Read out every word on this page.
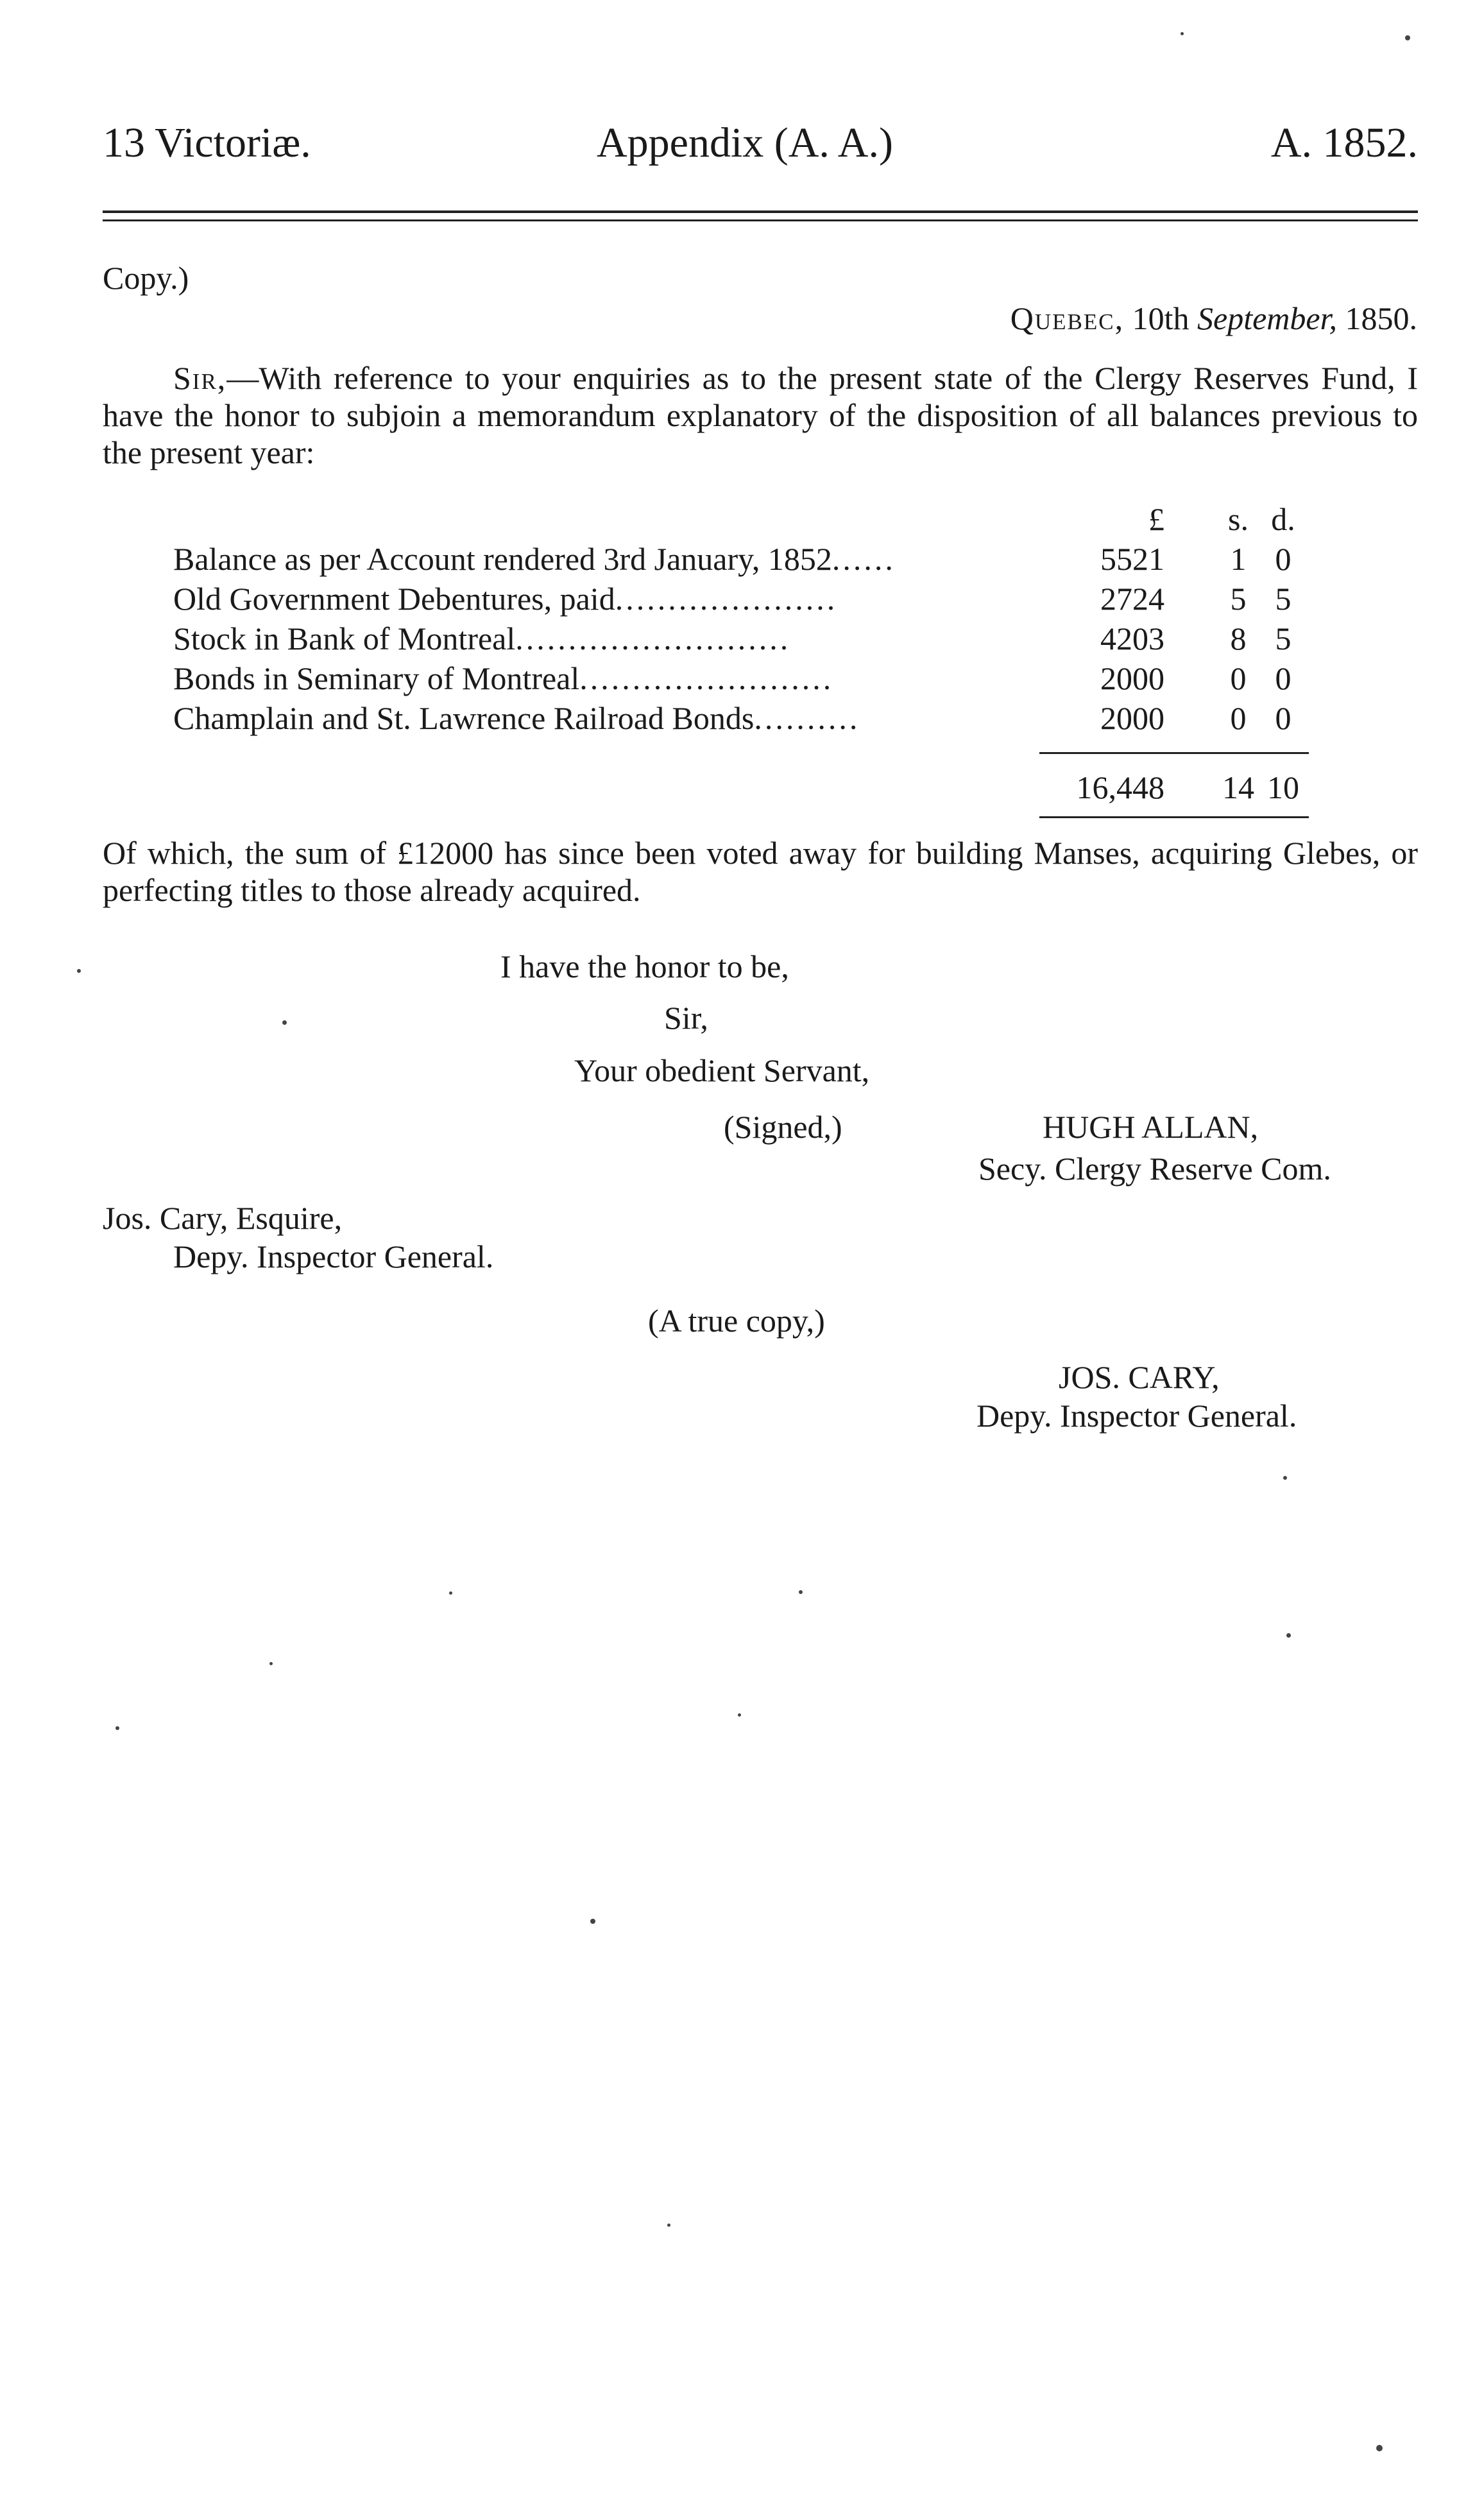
13 Victoriæ.	Appendix (A. A.)	A. 1852.
Copy.)
Quebec, 10th September, 1850.
Sir,—With reference to your enquiries as to the present state of the Clergy Reserves Fund, I have the honor to subjoin a memorandum explanatory of the disposition of all balances previous to the present year:
£ s. d.
Balance as per Account rendered 3rd January, 1852......	5521	1 0
Old Government Debentures, paid.....................	2724	5 5
Stock in Bank of Montreal..........................	4203	8 5
Bonds in Seminary of Montreal........................	2000	0 0
Champlain and St. Lawrence Railroad Bonds..........	2000	0 0
16,448 14 10
Of which, the sum of £12000 has since been voted away for building Manses, acquiring Glebes, or perfecting titles to those already acquired.
I have the honor to be,
Sir,
Your obedient Servant,
(Signed,)	HUGH ALLAN,
Secy. Clergy Reserve Com.
Jos. Cary, Esquire,
Depy. Inspector General.
(A true copy,)
JOS. CARY,
Depy. Inspector General.
